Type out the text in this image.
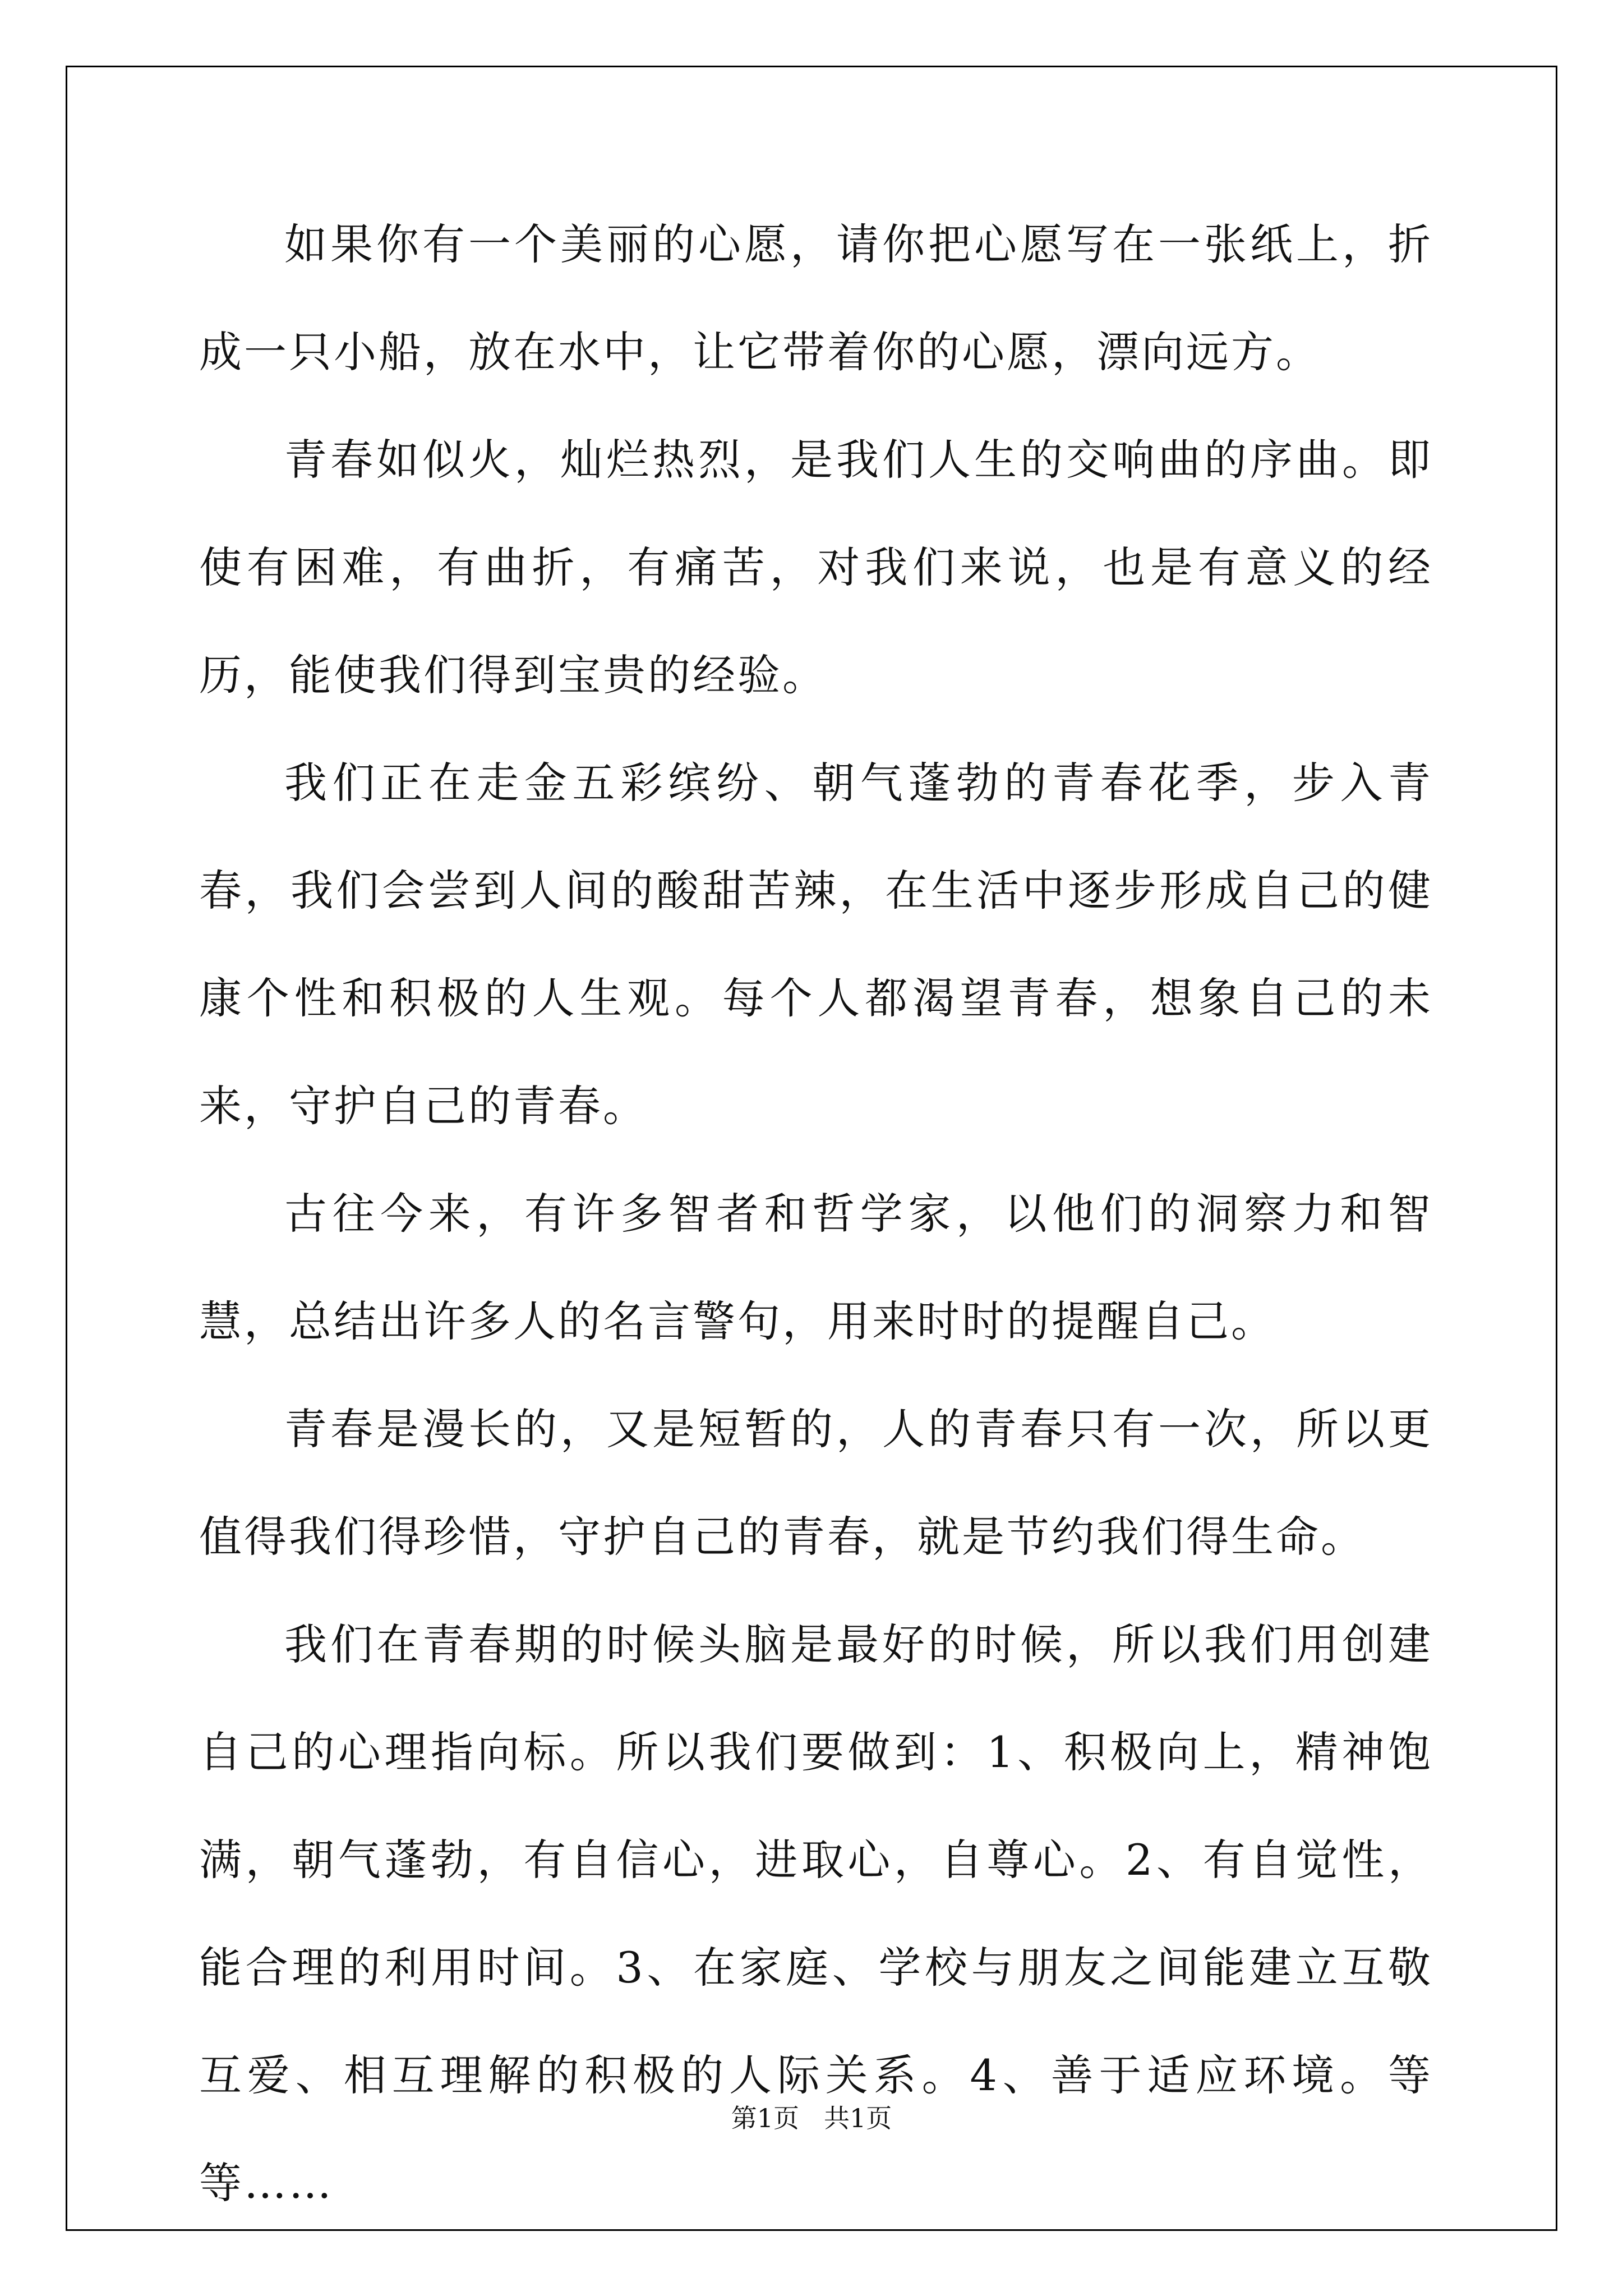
如果你有一个美丽的心愿，请你把心愿写在一张纸上，折成一只小船，放在水中，让它带着你的心愿，漂向远方。

青春如似火，灿烂热烈，是我们人生的交响曲的序曲。即使有困难，有曲折，有痛苦，对我们来说，也是有意义的经历，能使我们得到宝贵的经验。

我们正在走金五彩缤纷、朝气蓬勃的青春花季，步入青春，我们会尝到人间的酸甜苦辣，在生活中逐步形成自己的健康个性和积极的人生观。每个人都渴望青春，想象自己的未来，守护自己的青春。

古往今来，有许多智者和哲学家，以他们的洞察力和智慧，总结出许多人的名言警句，用来时时的提醒自己。

青春是漫长的，又是短暂的，人的青春只有一次，所以更值得我们得珍惜，守护自己的青春，就是节约我们得生命。

我们在青春期的时候头脑是最好的时候，所以我们用创建自己的心理指向标。所以我们要做到：1、积极向上，精神饱满，朝气蓬勃，有自信心，进取心，自尊心。2、有自觉性，能合理的利用时间。3、在家庭、学校与朋友之间能建立互敬互爱、相互理解的积极的人际关系。4、善于适应环境。等等……

第1页 共1页
